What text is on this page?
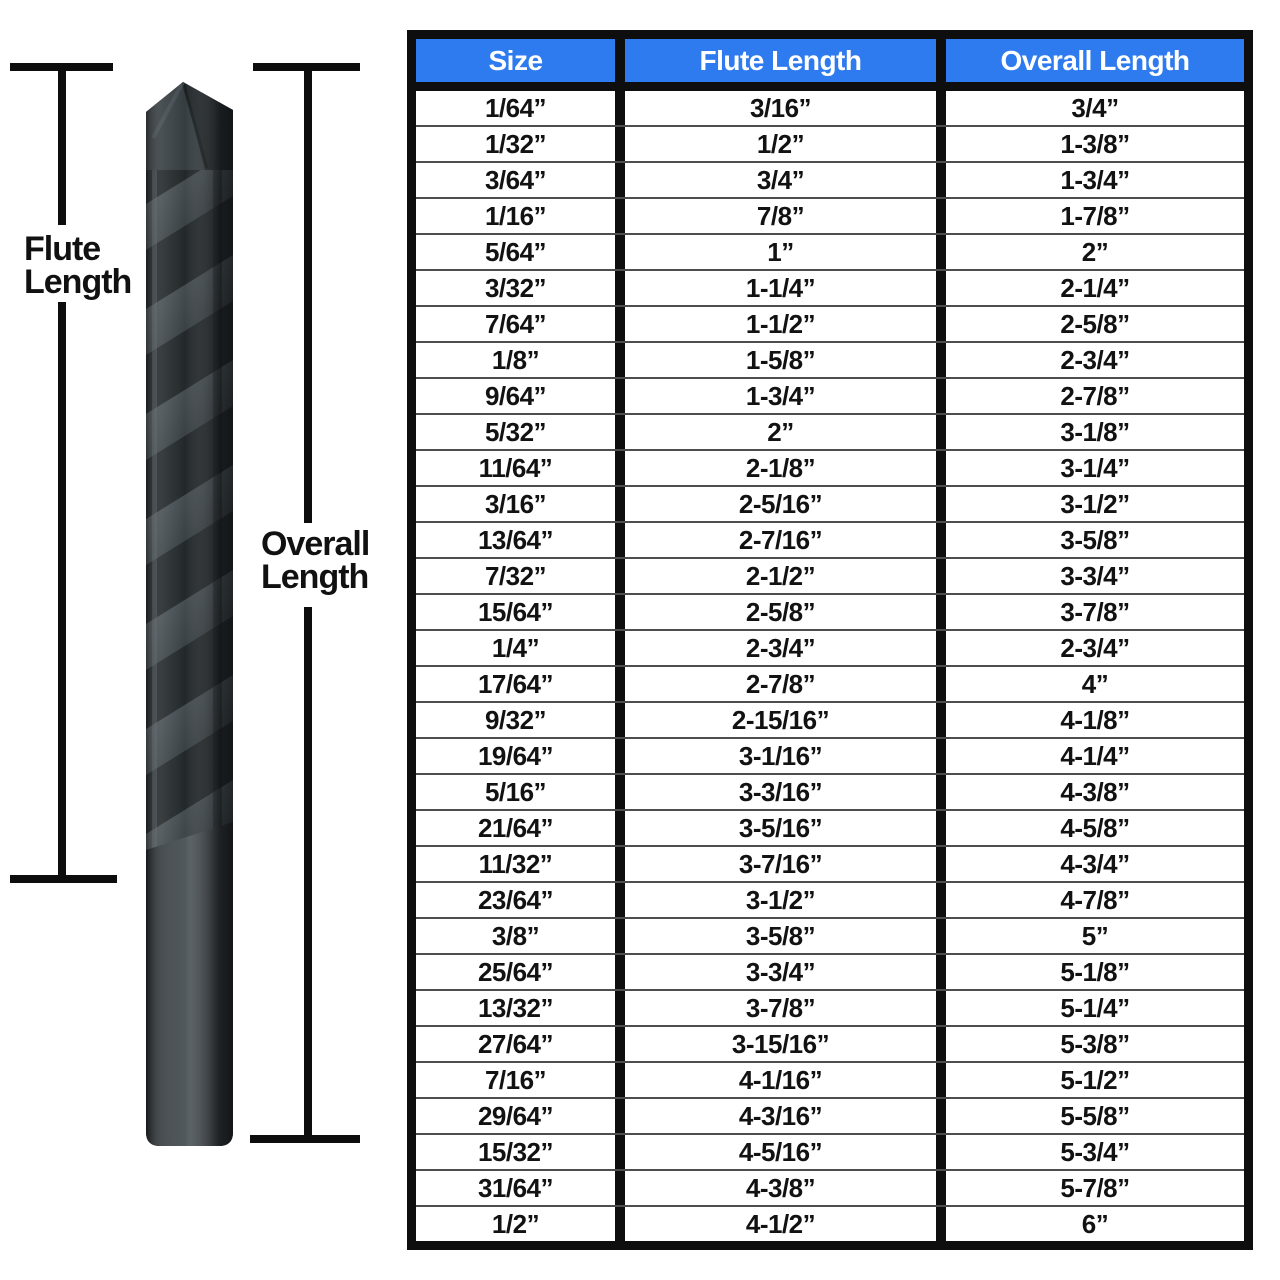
Flute
Length
Overall
Length
Size	Flute Length	Overall Length
1/64”	3/16”	3/4”
1/32”	1/2”	1-3/8”
3/64”	3/4”	1-3/4”
1/16”	7/8”	1-7/8”
5/64”	1”	2”
3/32”	1-1/4”	2-1/4”
7/64”	1-1/2”	2-5/8”
1/8”	1-5/8”	2-3/4”
9/64”	1-3/4”	2-7/8”
5/32”	2”	3-1/8”
11/64”	2-1/8”	3-1/4”
3/16”	2-5/16”	3-1/2”
13/64”	2-7/16”	3-5/8”
7/32”	2-1/2”	3-3/4”
15/64”	2-5/8”	3-7/8”
1/4”	2-3/4”	2-3/4”
17/64”	2-7/8”	4”
9/32”	2-15/16”	4-1/8”
19/64”	3-1/16”	4-1/4”
5/16”	3-3/16”	4-3/8”
21/64”	3-5/16”	4-5/8”
11/32”	3-7/16”	4-3/4”
23/64”	3-1/2”	4-7/8”
3/8”	3-5/8”	5”
25/64”	3-3/4”	5-1/8”
13/32”	3-7/8”	5-1/4”
27/64”	3-15/16”	5-3/8”
7/16”	4-1/16”	5-1/2”
29/64”	4-3/16”	5-5/8”
15/32”	4-5/16”	5-3/4”
31/64”	4-3/8”	5-7/8”
1/2”	4-1/2”	6”
